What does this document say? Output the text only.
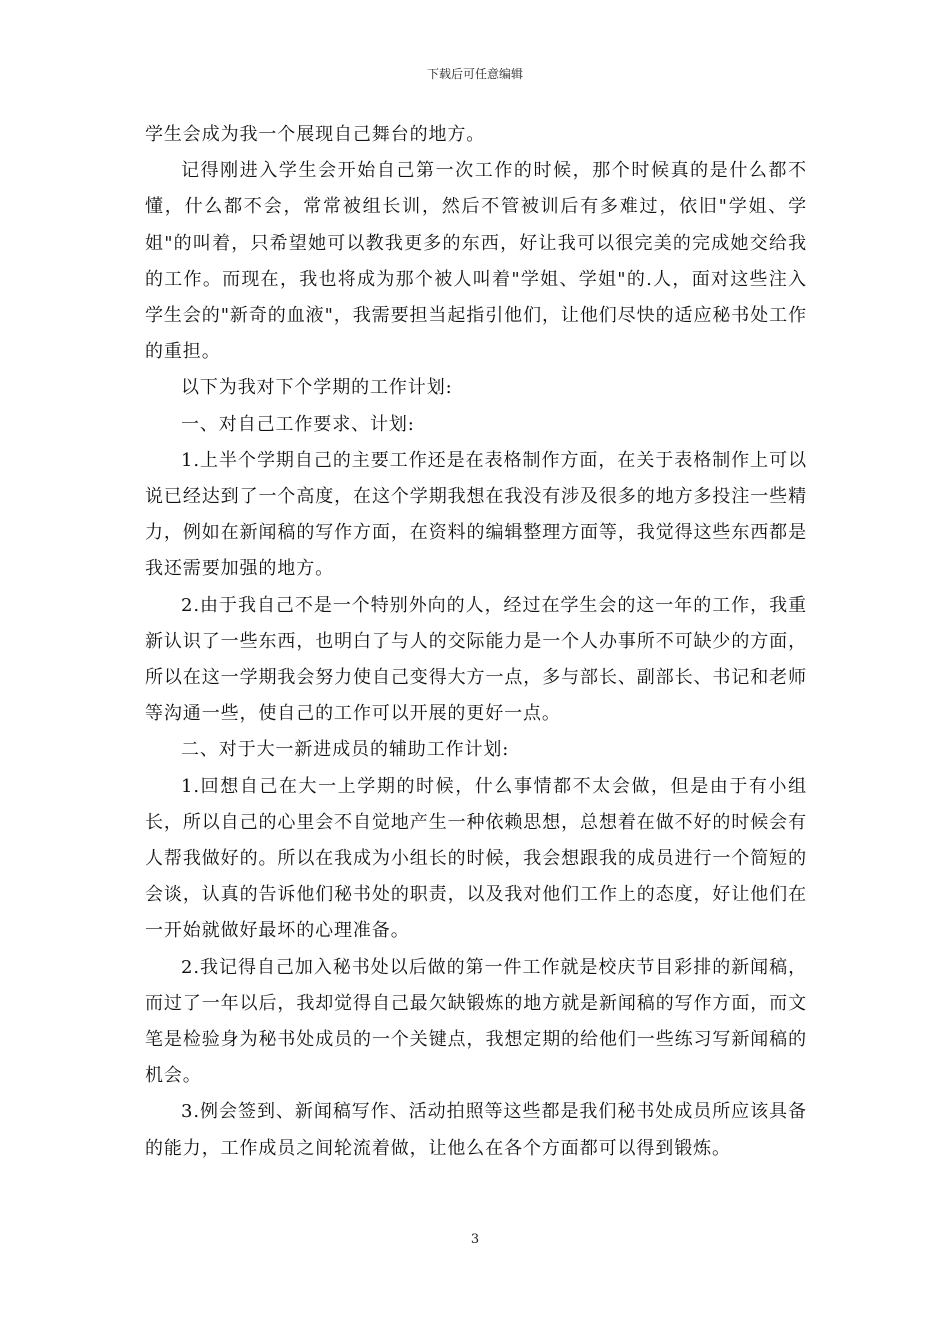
下载后可任意编辑

学生会成为我一个展现自己舞台的地方。

记得刚进入学生会开始自己第一次工作的时候，那个时候真的是什么都不懂，什么都不会，常常被组长训，然后不管被训后有多难过，依旧"学姐、学姐"的叫着，只希望她可以教我更多的东西，好让我可以很完美的完成她交给我的工作。而现在，我也将成为那个被人叫着"学姐、学姐"的.人，面对这些注入学生会的"新奇的血液"，我需要担当起指引他们，让他们尽快的适应秘书处工作的重担。

以下为我对下个学期的工作计划:

一、对自己工作要求、计划:

1.上半个学期自己的主要工作还是在表格制作方面，在关于表格制作上可以说已经达到了一个高度，在这个学期我想在我没有涉及很多的地方多投注一些精力，例如在新闻稿的写作方面，在资料的编辑整理方面等，我觉得这些东西都是我还需要加强的地方。

2.由于我自己不是一个特别外向的人，经过在学生会的这一年的工作，我重新认识了一些东西，也明白了与人的交际能力是一个人办事所不可缺少的方面，所以在这一学期我会努力使自己变得大方一点，多与部长、副部长、书记和老师等沟通一些，使自己的工作可以开展的更好一点。

二、对于大一新进成员的辅助工作计划:

1.回想自己在大一上学期的时候，什么事情都不太会做，但是由于有小组长，所以自己的心里会不自觉地产生一种依赖思想，总想着在做不好的时候会有人帮我做好的。所以在我成为小组长的时候，我会想跟我的成员进行一个简短的会谈，认真的告诉他们秘书处的职责，以及我对他们工作上的态度，好让他们在一开始就做好最坏的心理准备。

2.我记得自己加入秘书处以后做的第一件工作就是校庆节目彩排的新闻稿，而过了一年以后，我却觉得自己最欠缺锻炼的地方就是新闻稿的写作方面，而文笔是检验身为秘书处成员的一个关键点，我想定期的给他们一些练习写新闻稿的机会。

3.例会签到、新闻稿写作、活动拍照等这些都是我们秘书处成员所应该具备的能力，工作成员之间轮流着做，让他么在各个方面都可以得到锻炼。

3
